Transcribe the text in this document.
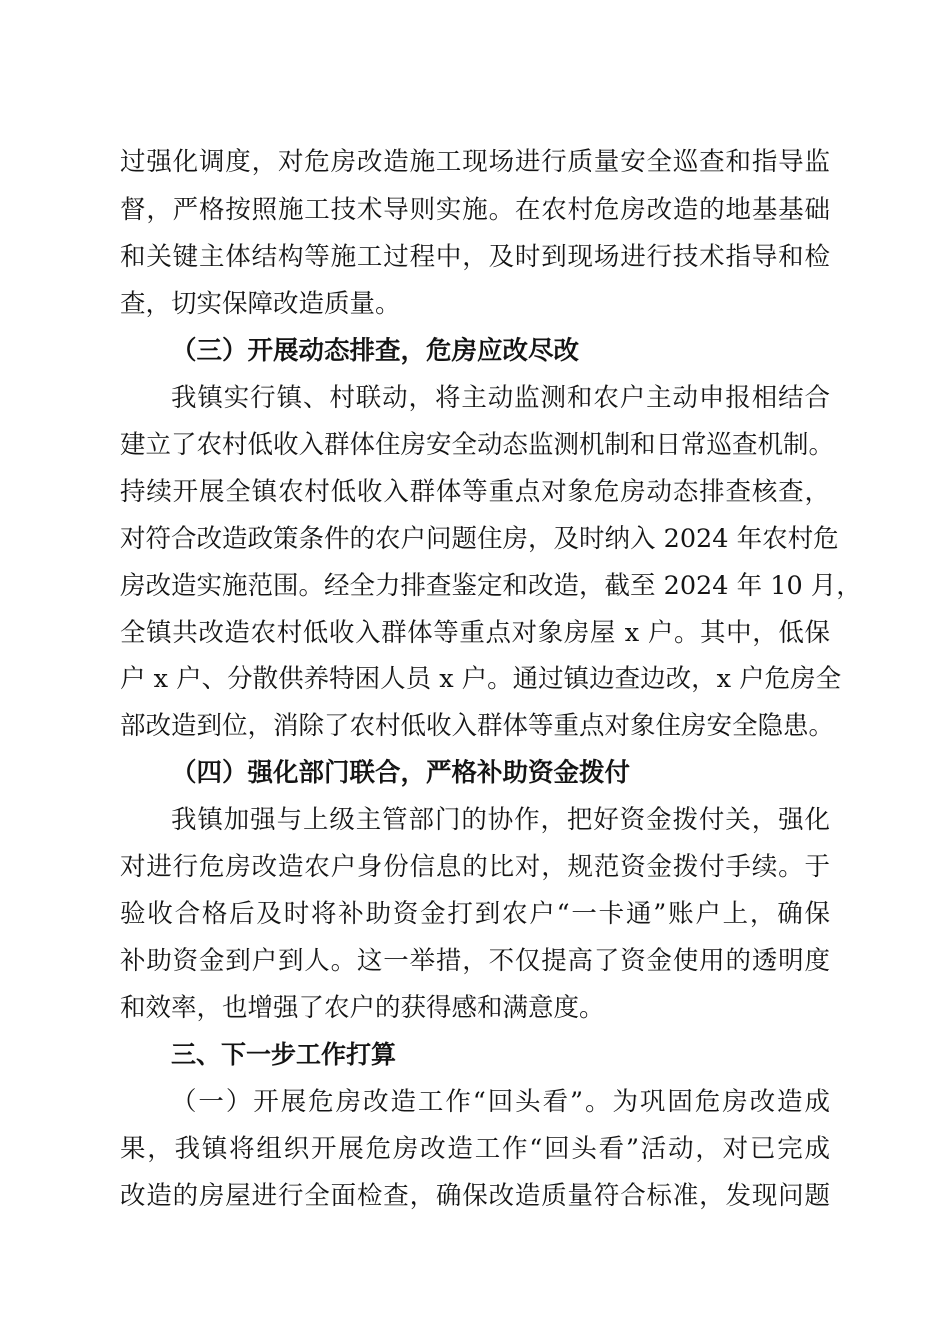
过强化调度，对危房改造施工现场进行质量安全巡查和指导监
督，严格按照施工技术导则实施。在农村危房改造的地基基础
和关键主体结构等施工过程中，及时到现场进行技术指导和检
查，切实保障改造质量。
（三）开展动态排查，危房应改尽改
我镇实行镇、村联动，将主动监测和农户主动申报相结合
建立了农村低收入群体住房安全动态监测机制和日常巡查机制。
持续开展全镇农村低收入群体等重点对象危房动态排查核查，
对符合改造政策条件的农户问题住房，及时纳入 2024 年农村危
房改造实施范围。经全力排查鉴定和改造，截至 2024 年 10 月，
全镇共改造农村低收入群体等重点对象房屋 x 户。其中，低保
户 x 户、分散供养特困人员 x 户。通过镇边查边改，x 户危房全
部改造到位，消除了农村低收入群体等重点对象住房安全隐患。
（四）强化部门联合，严格补助资金拨付
我镇加强与上级主管部门的协作，把好资金拨付关，强化
对进行危房改造农户身份信息的比对，规范资金拨付手续。于
验收合格后及时将补助资金打到农户“一卡通”账户上，确保
补助资金到户到人。这一举措，不仅提高了资金使用的透明度
和效率，也增强了农户的获得感和满意度。
三、下一步工作打算
（一）开展危房改造工作“回头看”。为巩固危房改造成
果，我镇将组织开展危房改造工作“回头看”活动，对已完成
改造的房屋进行全面检查，确保改造质量符合标准，发现问题
